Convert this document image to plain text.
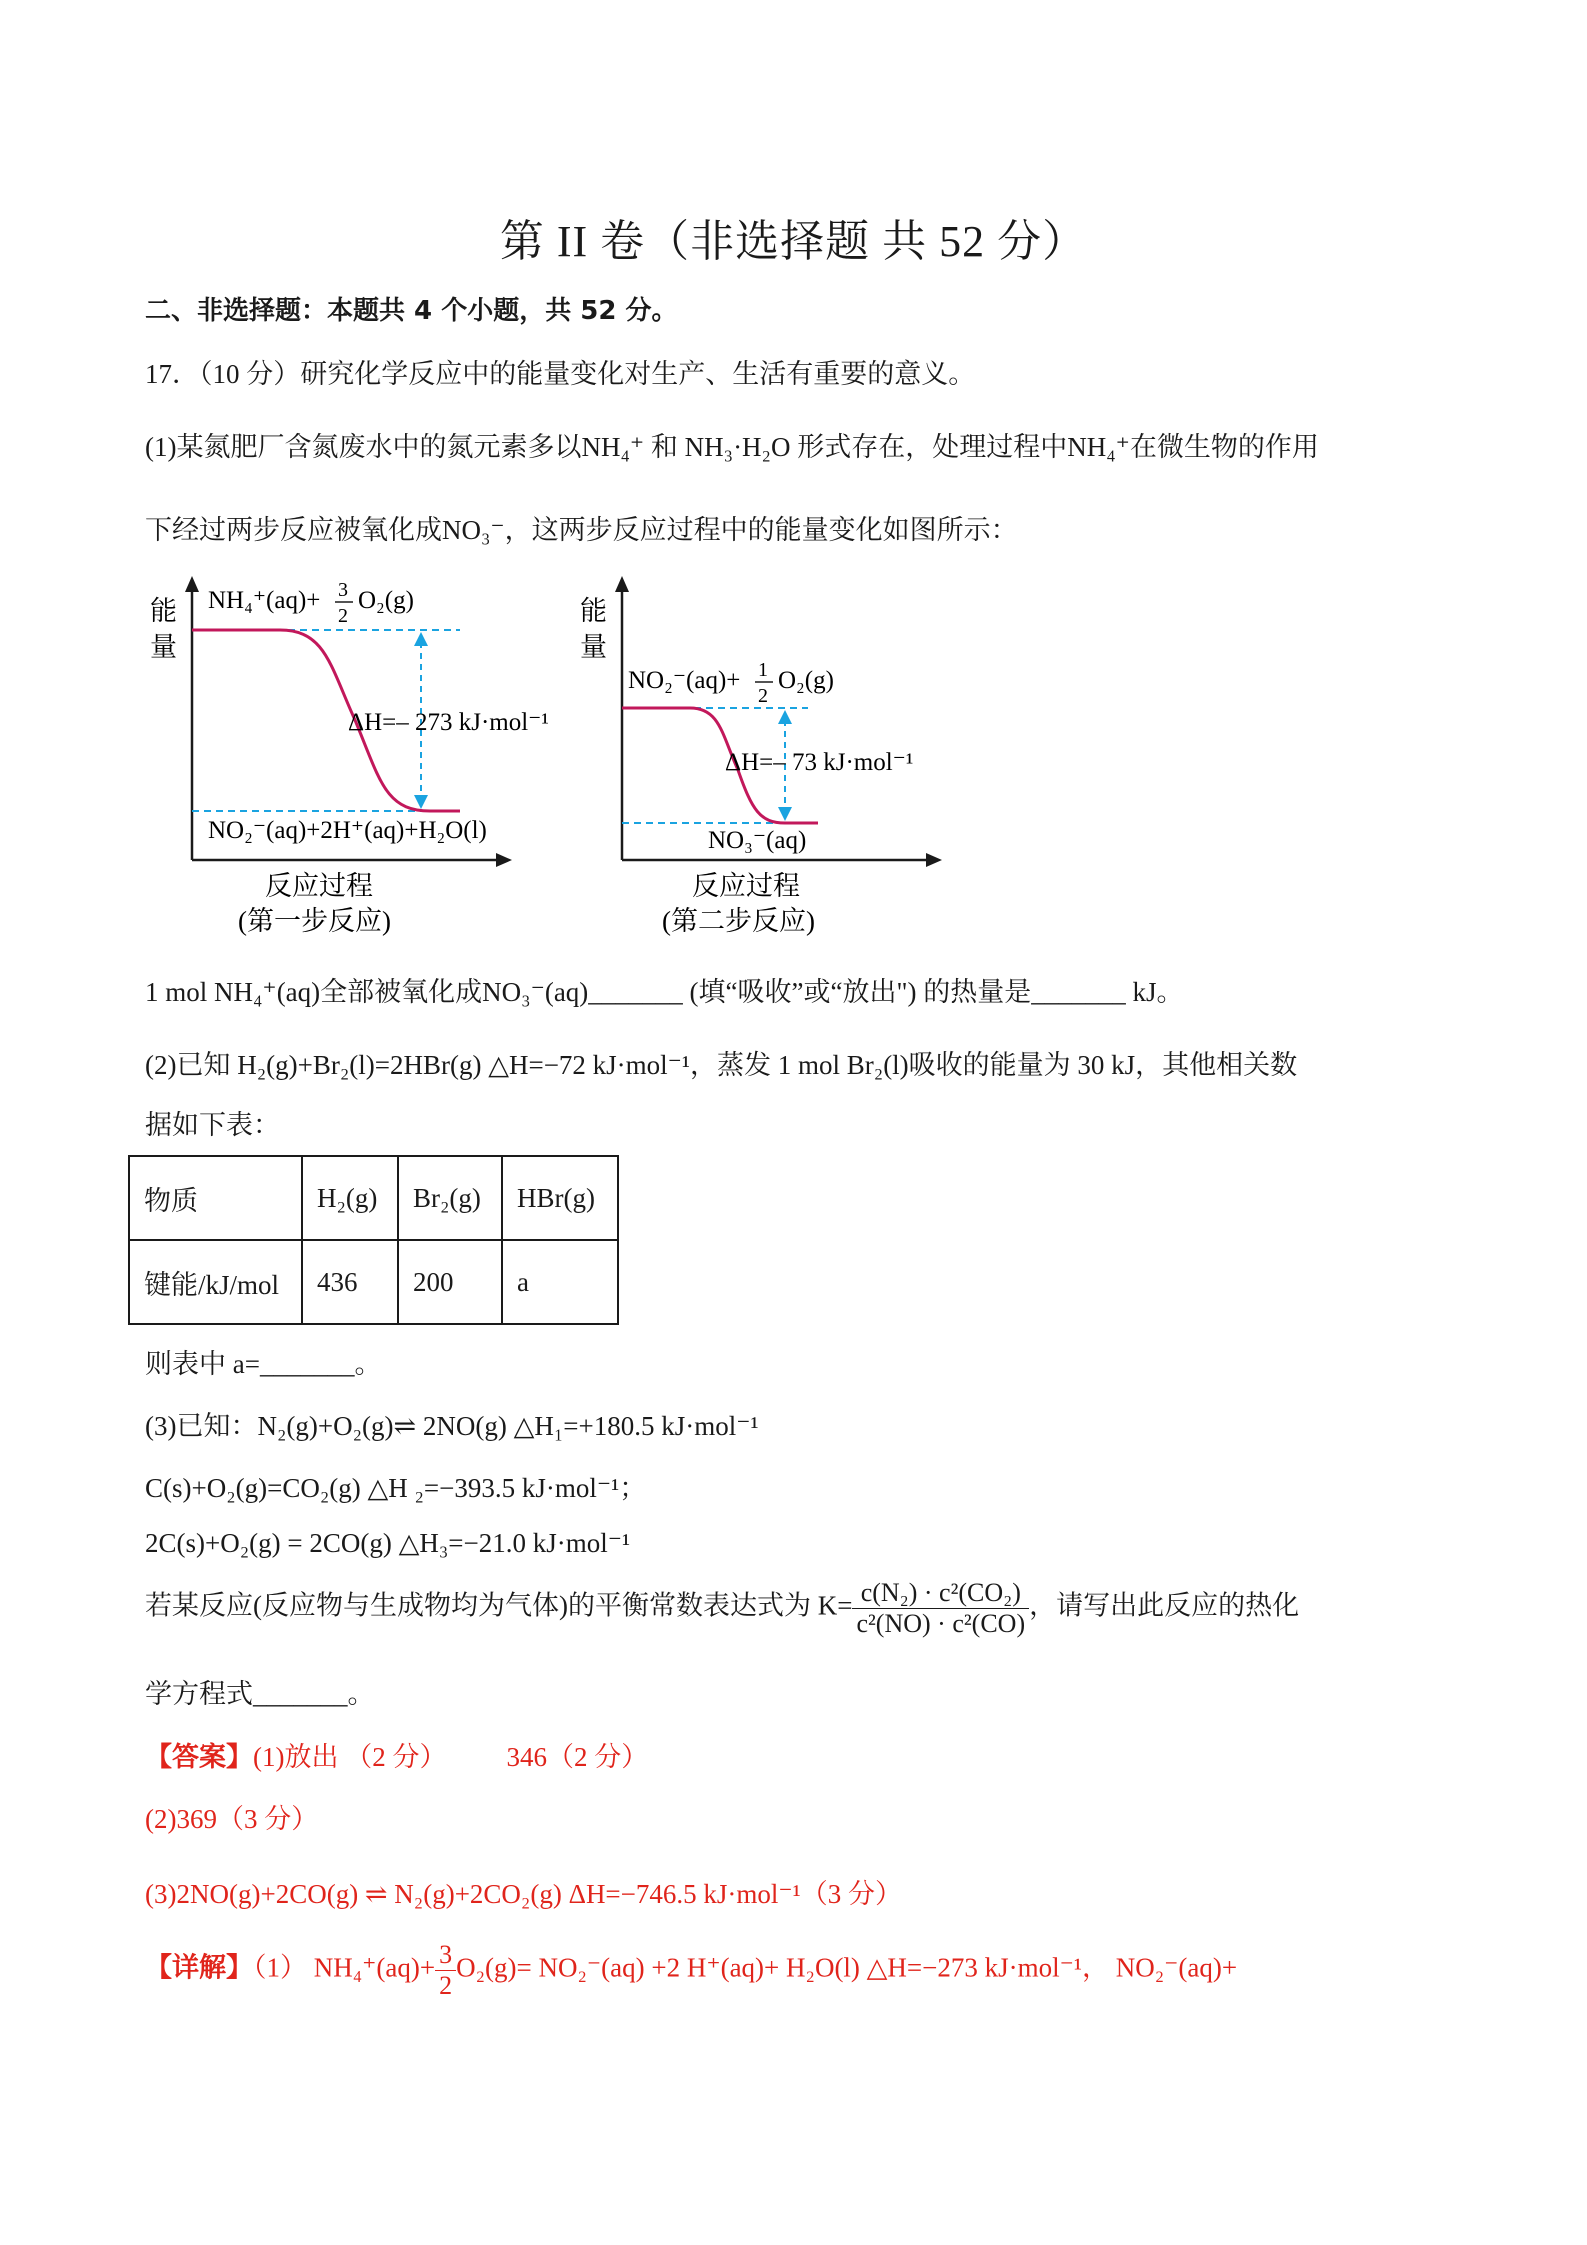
第 II 卷（非选择题 共 52 分）
二、非选择题：本题共 4 个小题，共 52 分。
17．（10 分）研究化学反应中的能量变化对生产、生活有重要的意义。
(1)某氮肥厂含氮废水中的氮元素多以NH₄⁺ 和 NH₃·H₂O 形式存在，处理过程中NH₄⁺在微生物的作用
下经过两步反应被氧化成NO₃⁻，这两步反应过程中的能量变化如图所示：
能
量
NH₄⁺(aq)+ 3
2
O₂(g)
ΔH=– 273 kJ·mol⁻¹
NO₂⁻(aq)+2H⁺(aq)+H₂O(l)
反应过程
(第一步反应)
能
量
NO₂⁻(aq)+ 1
2
O₂(g)
ΔH=– 73 kJ·mol⁻¹
NO₃⁻(aq)
反应过程
(第二步反应)
1 mol NH₄⁺(aq)全部被氧化成NO₃⁻(aq)_______ (填“吸收”或“放出") 的热量是_______ kJ。
(2)已知 H₂(g)+Br₂(l)=2HBr(g) △H=−72 kJ·mol⁻¹，蒸发 1 mol Br₂(l)吸收的能量为 30 kJ，其他相关数
据如下表：
物质	H₂(g)	Br₂(g)	HBr(g)
键能/kJ/mol	436	200	a
则表中 a=_______。
(3)已知：N₂(g)+O₂(g)⇌ 2NO(g) △H₁=+180.5 kJ·mol⁻¹
C(s)+O₂(g)=CO₂(g) △H ₂=−393.5 kJ·mol⁻¹；
2C(s)+O₂(g) = 2CO(g) △H₃=−21.0 kJ·mol⁻¹
若某反应(反应物与生成物均为气体)的平衡常数表达式为 $K= \frac{\text{c(N₂) · c²(CO₂)}}{\text{c²(NO) · c²(CO)}}$ ，请写出此反应的热化
学方程式_______。
【答案】(1)放出 （2 分） 346（2 分）
(2)369（3 分）
(3)2NO(g)+2CO(g) ⇌ N₂(g)+2CO₂(g) ΔH=−746.5 kJ·mol⁻¹（3 分）
【详解】（1） $NH_4^+(aq)+ \frac{3}{2} O_2(g)= NO_2^-(aq) +2$ H⁺(aq)+ H₂O(l) △H=−273 kJ·mol⁻¹， NO₂⁻(aq)+
